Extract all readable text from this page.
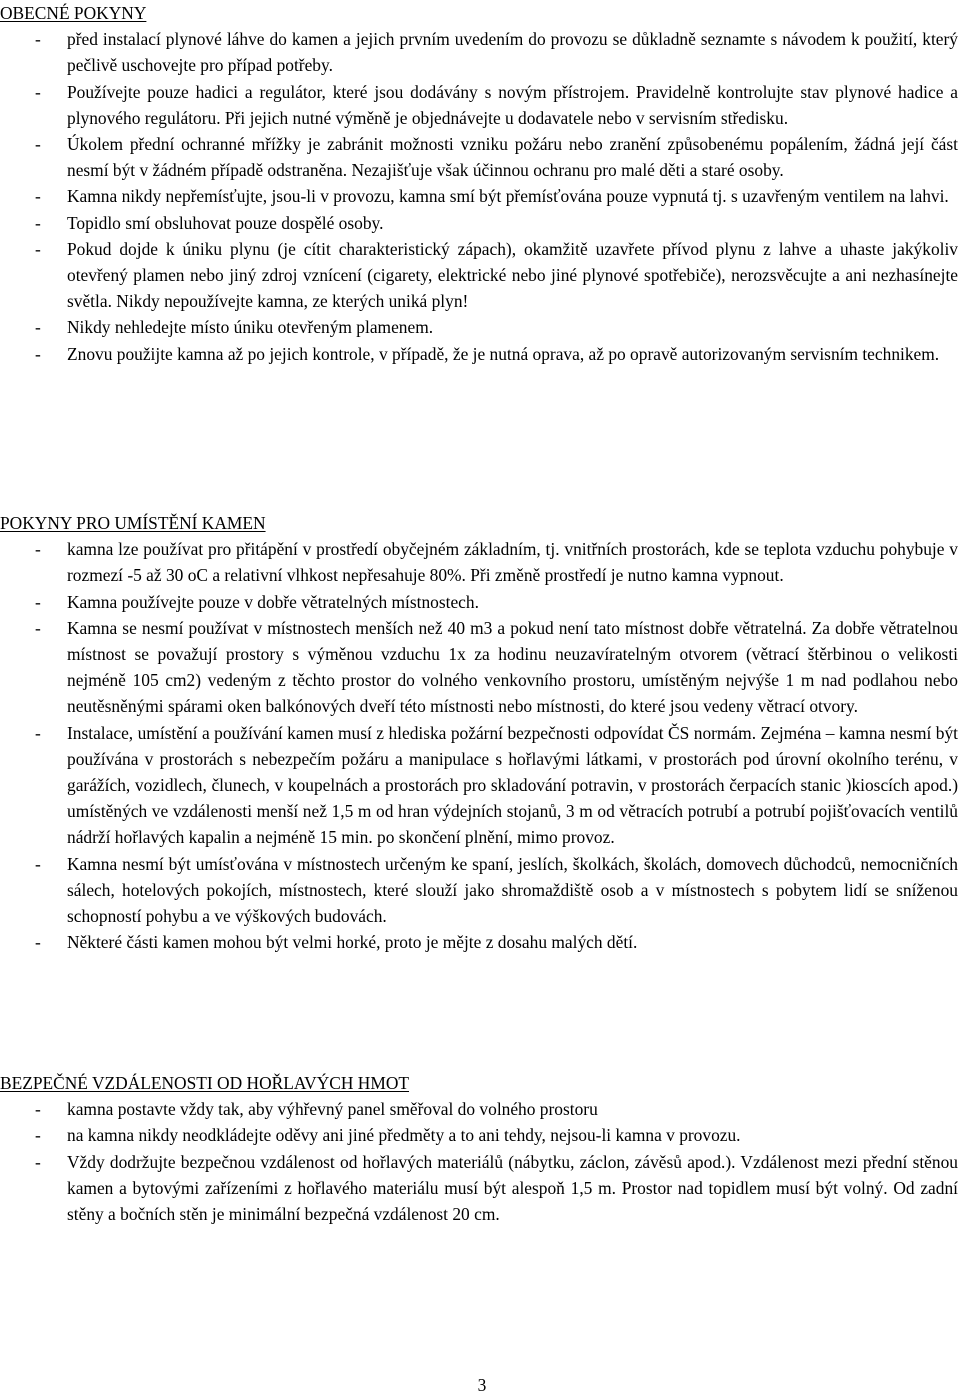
OBECNÉ POKYNY
- před instalací plynové láhve do kamen a jejich prvním uvedením do provozu se důkladně seznamte s návodem k použití, který pečlivě uschovejte pro případ potřeby.
- Používejte pouze hadici a regulátor, které jsou dodávány s novým přístrojem. Pravidelně kontrolujte stav plynové hadice a plynového regulátoru. Při jejich nutné výměně je objednávejte u dodavatele nebo v servisním středisku.
- Úkolem přední ochranné mřížky je zabránit možnosti vzniku požáru nebo zranění způsobenému popálením, žádná její část nesmí být v žádném případě odstraněna. Nezajišťuje však účinnou ochranu pro malé děti a staré osoby.
- Kamna nikdy nepřemísťujte, jsou-li v provozu, kamna smí být přemísťována pouze vypnutá tj. s uzavřeným ventilem na lahvi.
- Topidlo smí obsluhovat pouze dospělé osoby.
- Pokud dojde k úniku plynu (je cítit charakteristický zápach), okamžitě uzavřete přívod plynu z lahve a uhaste jakýkoliv otevřený plamen nebo jiný zdroj vznícení (cigarety, elektrické nebo jiné plynové spotřebiče), nerozsvěcujte a ani nezhasínejte světla. Nikdy nepoužívejte kamna, ze kterých uniká plyn!
- Nikdy nehledejte místo úniku otevřeným plamenem.
- Znovu použijte kamna až po jejich kontrole, v případě, že je nutná oprava, až po opravě autorizovaným servisním technikem.
POKYNY PRO UMÍSTĚNÍ KAMEN
- kamna lze používat pro přitápění v prostředí obyčejném základním, tj. vnitřních prostorách, kde se teplota vzduchu pohybuje v rozmezí -5 až 30 oC a relativní vlhkost nepřesahuje 80%. Při změně prostředí je nutno kamna vypnout.
- Kamna používejte pouze v dobře větratelných místnostech.
- Kamna se nesmí používat v místnostech menších než 40 m3 a pokud není tato místnost dobře větratelná. Za dobře větratelnou místnost se považují prostory s výměnou vzduchu 1x za hodinu neuzavíratelným otvorem (větrací štěrbinou o velikosti nejméně 105 cm2) vedeným z těchto prostor do volného venkovního prostoru, umístěným nejvýše 1 m nad podlahou nebo neutěsněnými spárami oken balkónových dveří této místnosti nebo místnosti, do které jsou vedeny větrací otvory.
- Instalace, umístění a používání kamen musí z hlediska požární bezpečnosti odpovídat ČS normám. Zejména – kamna nesmí být používána v prostorách s nebezpečím požáru a manipulace s hořlavými látkami, v prostorách pod úrovní okolního terénu, v garážích, vozidlech, člunech, v koupelnách a prostorách pro skladování potravin, v prostorách čerpacích stanic )kioscích apod.) umístěných ve vzdálenosti menší než 1,5 m od hran výdejních stojanů, 3 m od větracích potrubí a potrubí pojišťovacích ventilů nádrží hořlavých kapalin a nejméně 15 min. po skončení plnění, mimo provoz.
- Kamna nesmí být umísťována v místnostech určeným ke spaní, jeslích, školkách, školách, domovech důchodců, nemocničních sálech, hotelových pokojích, místnostech, které slouží jako shromaždiště osob a v místnostech s pobytem lidí se sníženou schopností pohybu a ve výškových budovách.
- Některé části kamen mohou být velmi horké, proto je mějte z dosahu malých dětí.
BEZPEČNÉ VZDÁLENOSTI OD HOŘLAVÝCH HMOT
- kamna postavte vždy tak, aby výhřevný panel směřoval do volného prostoru
- na kamna nikdy neodkládejte oděvy ani jiné předměty a to ani tehdy, nejsou-li kamna v provozu.
- Vždy dodržujte bezpečnou vzdálenost od hořlavých materiálů (nábytku, záclon, závěsů apod.). Vzdálenost mezi přední stěnou kamen a bytovými zařízeními z hořlavého materiálu musí být alespoň 1,5 m. Prostor nad topidlem musí být volný. Od zadní stěny a bočních stěn je minimální bezpečná vzdálenost 20 cm.
3
